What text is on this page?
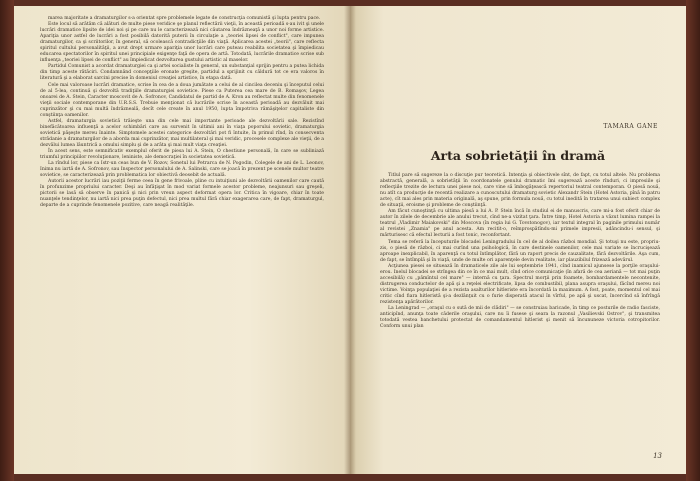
marea majoritate a dramaturgilor s-a orientat spre problemele legate de construcţia comunistă şi lupta pentru pace.

Este locul să arătăm că alături de multe piese veridice şe planul reflectării vieţii, în această perioadă s-au ivit şi unele lucrări dramatice lipsite de idei noi şi pe care nu le caracterizează nici căutarea îndrăzneaţă a unor noi forme artistice. Apariţia unor astfel de lucrări a fost posibilă datorită puterii în circulaţie a „teoriei lipsei de conflict", care impunea dramaturgilor, ca şi scriitorilor, în general, să ocolească contradicţiile din viaţă. Aplicarea acestei „teorii", care reflecta spiritul cultului personalităţii, a avut drept urmare apariţia unor lucrări care puteau reabilita societatea şi împiedicau educarea spectatorilor în spiritul unei principiale exigenţe faţă de opera de artă. Totodată, lucrările dramatice scrise sub influenţa „teoriei lipsei de conflict" au împiedicat dezvoltarea gustului artistic al maselor.

Partidul Comunist a acordat dramaturgiei ca şi artei socialiste în general, un substanţial sprijin pentru a putea lichida din timp aceste rătăciri. Condamnând concepţiile eronate greşite, partidul a sprijinit cu căldură tot ce era valoros în literatură şi a elaborat sarcini precise în domeniul creaţiei artistice, în etapa dată.

Cele mai valoroase lucrări dramatice, scrise în cea de a doua jumătate a celui de al cincilea deceniu şi începutul celui de al 5-lea, continuă şi dezvoltă tradiţiile dramaturgiei sovietice. Piese ca Puterea cea mare de B. Romaşov, Legea onoarei de A. Stein, Caracter moscovit de A. Sofronov, Candidatul de partid de A. Kron au reflectat multe din fenomenele vieţii sociale contemporane din U.R.S.S. Trebuie menţionat că lucrările scrise în această perioadă au dezvăluit mai cuprinzător şi cu mai multă îndrăzneală, decît cele create în anul 1950, lupta împotriva rămăşiţelor capitaliste din conştiinţa oamenilor.

Astfel, dramaturgia sovietică trăieşte una din cele mai importante perioade ale dezvoltării sale. Rezistînd binefăcătoarea influenţă a acelor schimbări care au survenit în ultimii ani în viaţa poporului sovietic, dramaturgia sovietică păşeşte mereu înainte. Simptomele acestei categorice dezvoltări pot fi întuite, în primul rînd, în consecventa strădanie a dramaturgilor de a aborda mai cuprinzător, mai multilateral şi mai veridic, procesele complexe ale vieţii, de a dezvălui lumea lăuntrică a omului simplu şi de a arăta şi mai mult viaţa creaţiei.

În acest sens, este semnificativ exemplul oferit de piesa lui A. Stein, O chestiune personală, în care se subliniază triumful principiilor revoluţionare, leniniste, ale democraţiei în societatea sovietică.

La rîndul lor, piese ca Istr-un ceas bun de V. Rozov, Sonetul lui Petrarca de N. Pogodin, Colegele de ani de L. Leonov, Inima nu iartă de A. Sofronov, sau Inspector personalului de A. Salinski, care se joacă în prezent pe scenele multor teatre sovietice, se caracterizează prin problematica lor obiectivă deosebit de actuală.

Autorii acestor lucrări iau poziţii ferme ceea în gene frivoale, pline cu intuiţiuni ale dezvoltării oamenilor care caută în profunzime propriului caracter. Deşi au înfăţişat în mod variat formele acestor probleme, neajunsuri sau greşeli, pictorii se lasă să observe în panică şi nici prin vreun aspect deformat opera lor. Critica în vigoare, chiar în toate nuanţele tendinţelor, nu iartă nici prea puţin defectul, nici prea multul fără chiar exagerarea care, de fapt, dramaturgul, departe de a cuprinde fenomenele pozitive, care neagă realităţile.

TAMARA GANE
Arta sobrietăţii în dramă

Titlul pare să sugereze la o discuţie pur teoretică. Intenţia şi obiectivele sînt, de fapt, cu totul altele. Nu problema abstractă, generală, a sobrietăţii în coordonatele genului dramatic îmi sugerează aceste rînduri, ci impresiile şi reflecţiile trezite de lectura unei piese noi, care vine să îmbogăţească repertoriul teatral contemporan. O piesă nouă, nu atît ca producţie de recentă realizare a cunoscutului dramaturg sovietic Alexandr Stein (Hotel Astoria, pînă în patru acte), cît mai ales prin materia originală, aş spune, prin formula nouă, cu totul inedită în tratarea unui subiect complex de situaţii, eroisme şi probleme de conştiinţă.

Am făcut cunoştinţă cu ultima piesă a lui A. P. Stein încă în studiul ei de manuscris, care mi-a fost oferit chiar de autor în zilele de decembrie ale anului trecut, cînd ne-a vizitat ţara. Între timp, Hotel Astoria a văzut lumina rampei la teatrul „Vladimir Maiakovski" din Moscova (în regia lui G. Tovstonogov), iar textul integral în paginile primului număr al revistei „Znamia" pe anul acesta. Am recitit-o, reîmprospătîndu-mi primele impresii, adâncindu-i sensul, şi mărturisesc că efectul lecturii a fost tonic, reconfortant.

Tema se referă la începuturile blocadei Leningradului în cel de al doilea război mondial. Şi totuşi nu este, propriu-zis, o piesă de război, ci mai curînd una psihologică, în care destinele oamenilor, cele mai variate se încrucişează aproape inexplicabil, în aparenţă cu totul întîmplător, fără un raport precis de cauzalitate, fără dezvoltările. Aşa cum, de fapt, se întîmplă şi în viaţă, unde de multe ori aparenţele devin realitate, iar plauzibilul frizează adevărul.

Acţiunea piesei se situează în dramaticele zile ale lui septembrie 1941, cînd inamicul ajunsese la porţile oraşului-erou. Inelul blocadei se strîngea din ce în ce mai mult, cînd orice comunicaţie (în afară de cea aeriană — tot mai puţin accesibilă) cu „pămîntul cel mare" — internă cu ţara. Spectrul morţii prin foamete, bombardamentele necontenite, distrugerea conductelor de apă şi a reţelei electrificate, lipsa de combustibil, plana asupra oraşului, făcînd mereu noi victime. Voinţa populaţiei de a rezista asalturilor hitleriste era încordată la maximum. A fost, poate, momentul cel mai critic cînd fiara hitleristă şi-a dezlănţuit cu o furie disperată atacul în vîrful, pe apă şi uscat, încercînd să înfrîngă rezistenţa apărătorilor.

La Leningrad — „oraşul cu o sută de mii de clădiri" — se construiau baricade, în timp ce posturile de radio fasciste, anticipînd, anunţa toate căderile oraşului, care nu îi fusese şi seara la razonul „Vasilievski Ostrov", şi transmitea totodată vestea banchetului protectat de comandamentul hitlerist şi menit să încununeze victoria cotropitorilor. Conform unui plan

13
